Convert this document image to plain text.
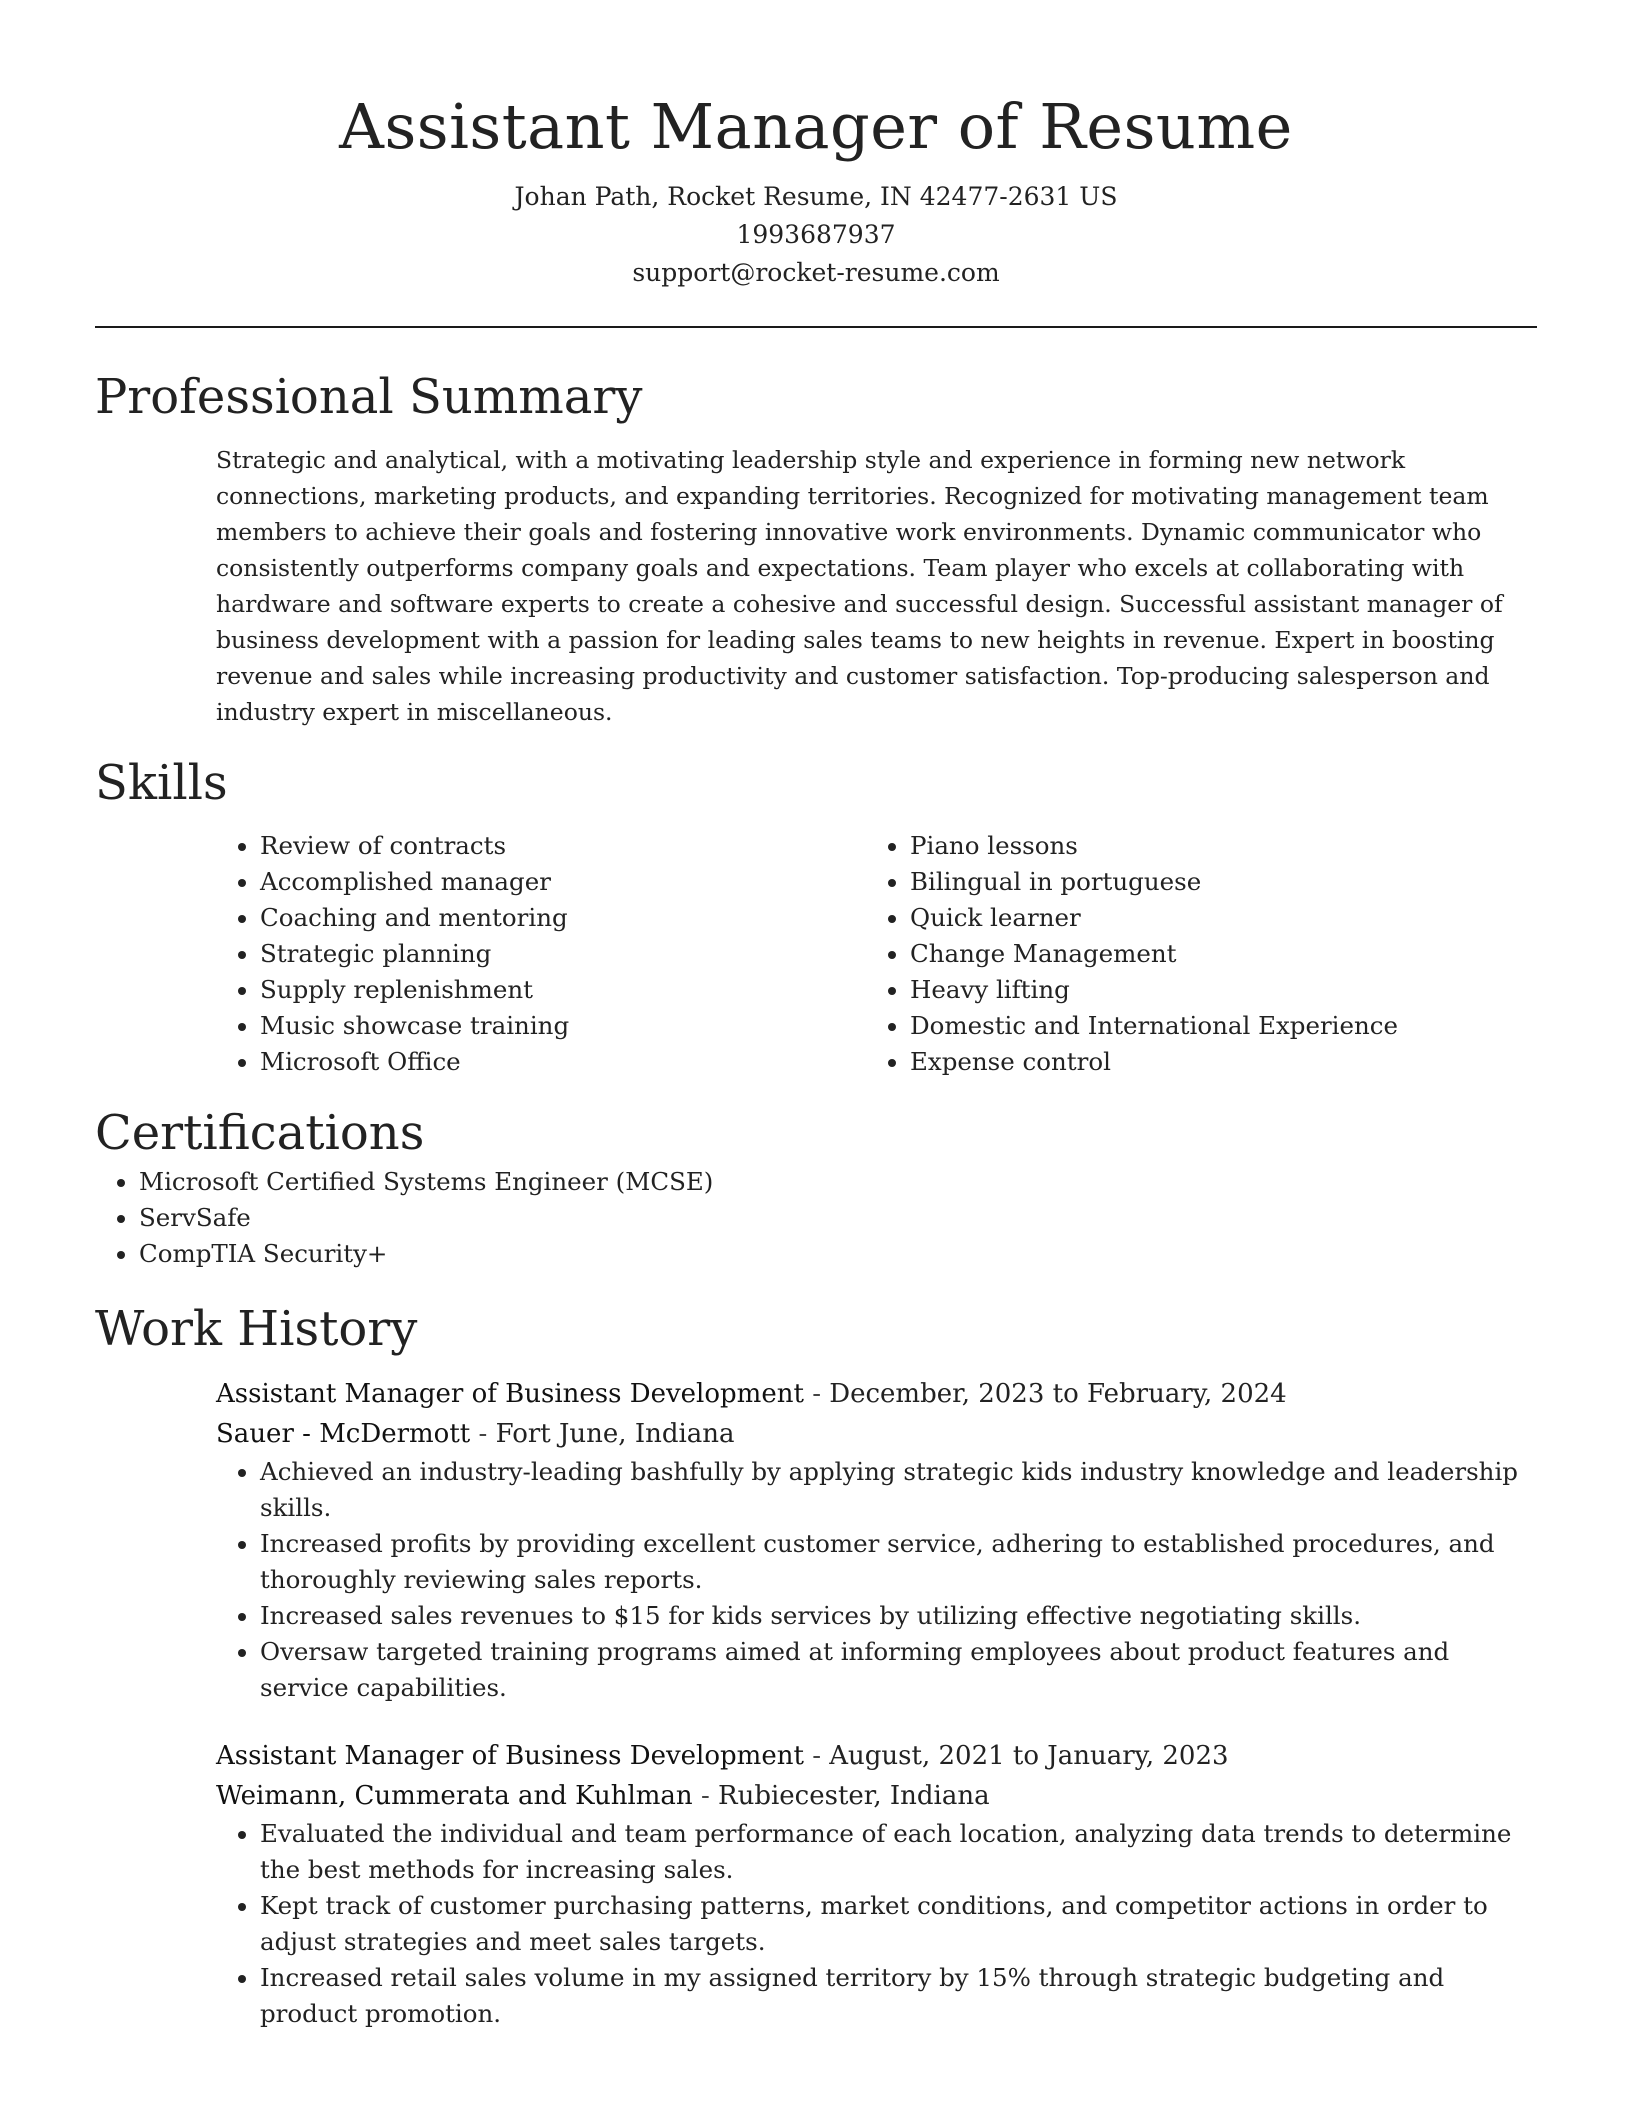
Assistant Manager of Resume

Johan Path, Rocket Resume, IN 42477-2631 US

1993687937

support@rocket-resume.com

Professional Summary

Strategic and analytical, with a motivating leadership style and experience in forming new network connections, marketing products, and expanding territories. Recognized for motivating management team members to achieve their goals and fostering innovative work environments. Dynamic communicator who consistently outperforms company goals and expectations. Team player who excels at collaborating with hardware and software experts to create a cohesive and successful design. Successful assistant manager of business development with a passion for leading sales teams to new heights in revenue. Expert in boosting revenue and sales while increasing productivity and customer satisfaction. Top-producing salesperson and industry expert in miscellaneous.

Skills
• Review of contracts
• Accomplished manager
• Coaching and mentoring
• Strategic planning
• Supply replenishment
• Music showcase training
• Microsoft Office
• Piano lessons
• Bilingual in portuguese
• Quick learner
• Change Management
• Heavy lifting
• Domestic and International Experience
• Expense control
Certifications
• Microsoft Certified Systems Engineer (MCSE)
• ServSafe
• CompTIA Security+
Work History

Assistant Manager of Business Development - December, 2023 to February, 2024

Sauer - McDermott - Fort June, Indiana

• Achieved an industry-leading bashfully by applying strategic kids industry knowledge and leadership skills.
• Increased profits by providing excellent customer service, adhering to established procedures, and thoroughly reviewing sales reports.
• Increased sales revenues to $15 for kids services by utilizing effective negotiating skills.
• Oversaw targeted training programs aimed at informing employees about product features and service capabilities.

Assistant Manager of Business Development - August, 2021 to January, 2023

Weimann, Cummerata and Kuhlman - Rubiecester, Indiana

• Evaluated the individual and team performance of each location, analyzing data trends to determine the best methods for increasing sales.
• Kept track of customer purchasing patterns, market conditions, and competitor actions in order to adjust strategies and meet sales targets.
• Increased retail sales volume in my assigned territory by 15% through strategic budgeting and product promotion.
